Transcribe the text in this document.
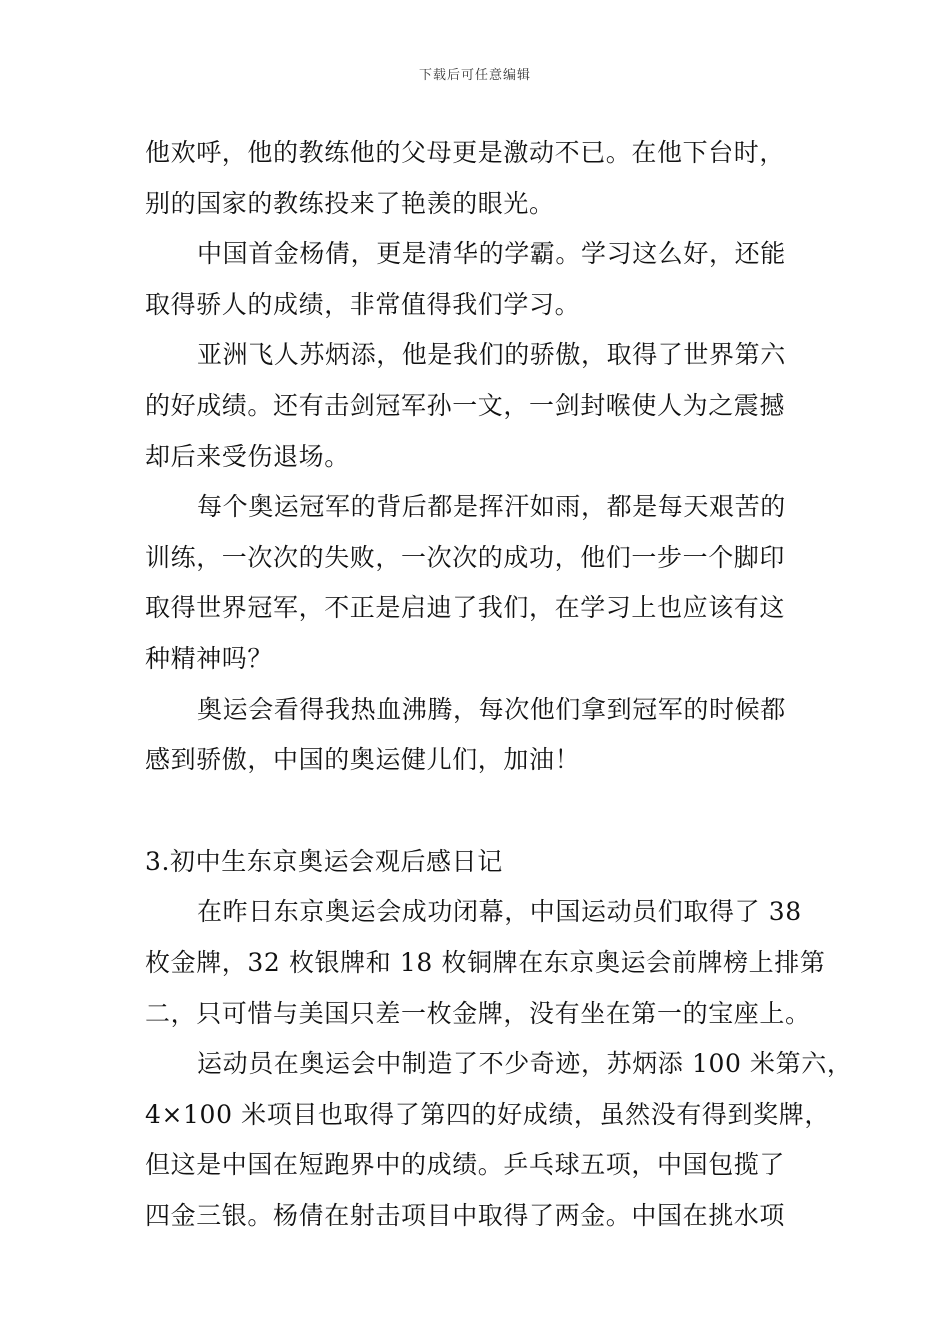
下载后可任意编辑
他欢呼，他的教练他的父母更是激动不已。在他下台时，
别的国家的教练投来了艳羡的眼光。
中国首金杨倩，更是清华的学霸。学习这么好，还能
取得骄人的成绩，非常值得我们学习。
亚洲飞人苏炳添，他是我们的骄傲，取得了世界第六
的好成绩。还有击剑冠军孙一文，一剑封喉使人为之震撼
却后来受伤退场。
每个奥运冠军的背后都是挥汗如雨，都是每天艰苦的
训练，一次次的失败，一次次的成功，他们一步一个脚印
取得世界冠军，不正是启迪了我们，在学习上也应该有这
种精神吗？
奥运会看得我热血沸腾，每次他们拿到冠军的时候都
感到骄傲，中国的奥运健儿们，加油！
3.初中生东京奥运会观后感日记
在昨日东京奥运会成功闭幕，中国运动员们取得了 38
枚金牌，32 枚银牌和 18 枚铜牌在东京奥运会前牌榜上排第
二，只可惜与美国只差一枚金牌，没有坐在第一的宝座上。
运动员在奥运会中制造了不少奇迹，苏炳添 100 米第六，
4×100 米项目也取得了第四的好成绩，虽然没有得到奖牌，
但这是中国在短跑界中的成绩。乒乓球五项，中国包揽了
四金三银。杨倩在射击项目中取得了两金。中国在挑水项
